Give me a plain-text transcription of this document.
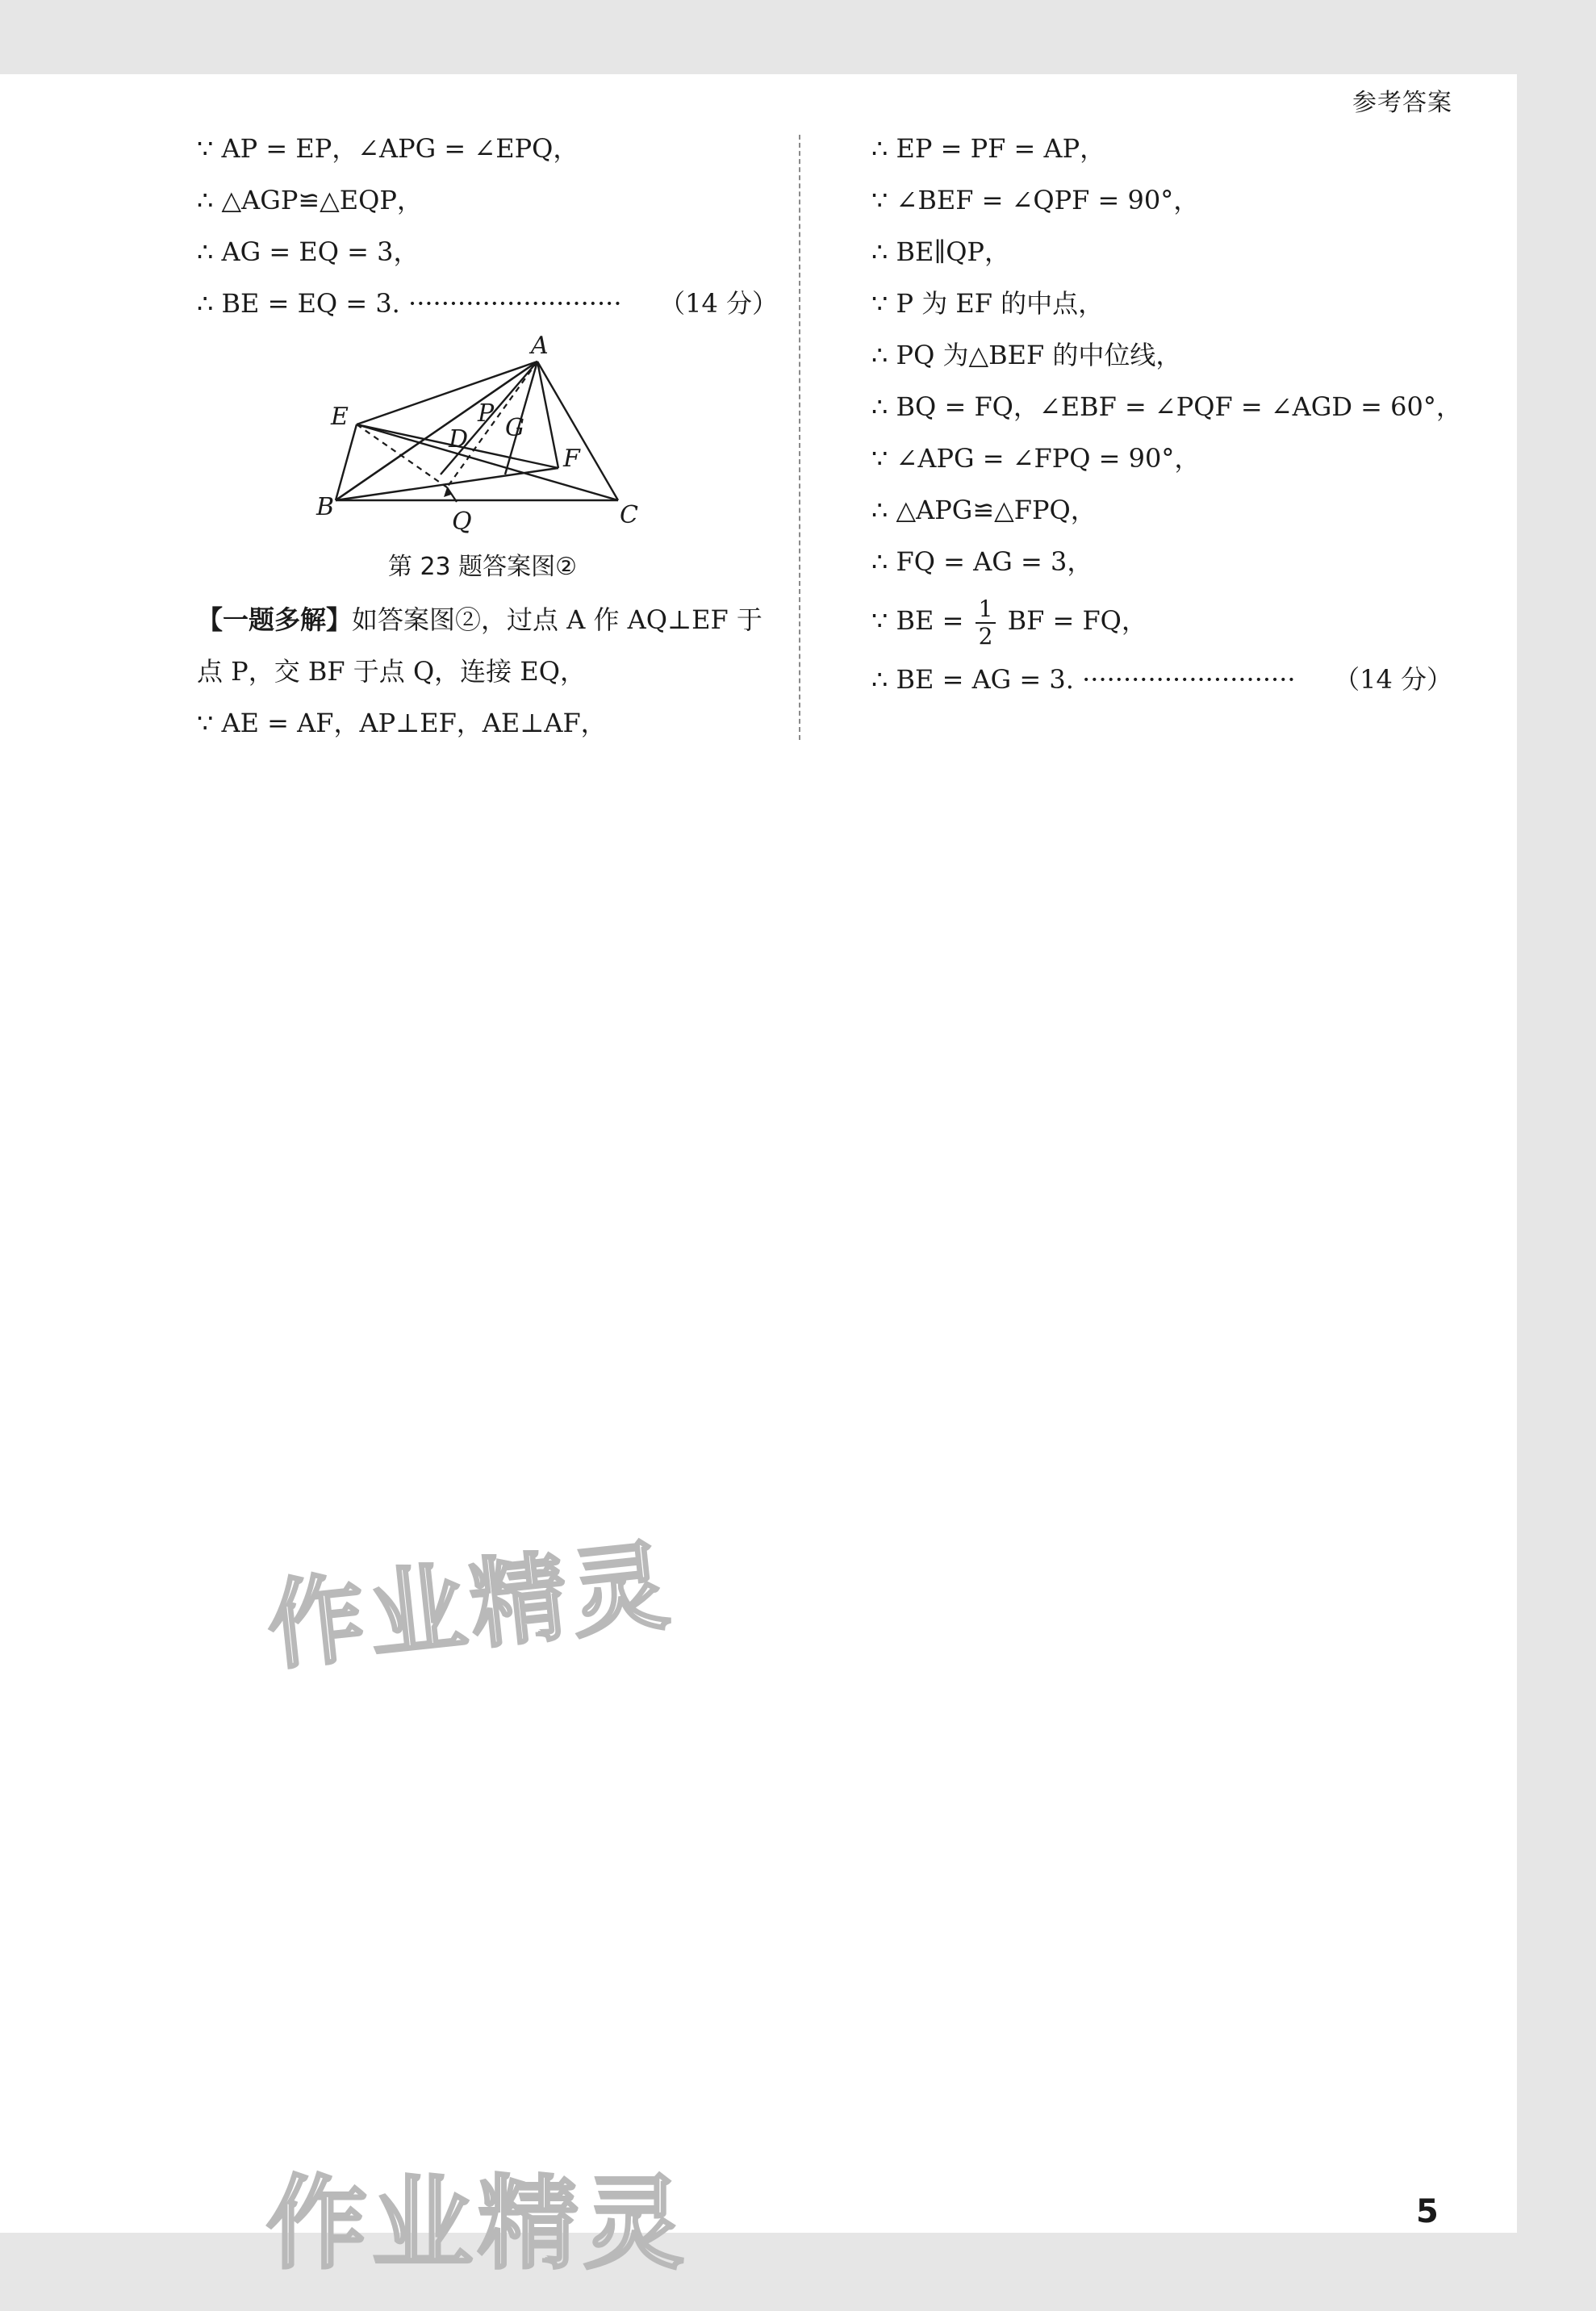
参考答案
∵ AP = EP，∠APG = ∠EPQ，
∴ △AGP≌△EQP，
∴ AG = EQ = 3，
∴ BE = EQ = 3. ·························· （14 分）
A
E	P
G
D
F
B
Q	C
第 23 题答案图②
【一题多解】如答案图②，过点 A 作 AQ⊥EF 于
点 P，交 BF 于点 Q，连接 EQ，
∵ AE = AF，AP⊥EF，AE⊥AF，
∴ EP = PF = AP，
∵ ∠BEF = ∠QPF = 90°，
∴ BE∥QP，
∵ P 为 EF 的中点，
∴ PQ 为△BEF 的中位线，
∴ BQ = FQ，∠EBF = ∠PQF = ∠AGD = 60°，
∵ ∠APG = ∠FPQ = 90°，
∴ △APG≌△FPQ，
∴ FQ = AG = 3，
∵ BE = $\frac{1}{2}$ BF = FQ，
∴ BE = AG = 3. ·························· （14 分）
作业精灵
作业精灵	5
